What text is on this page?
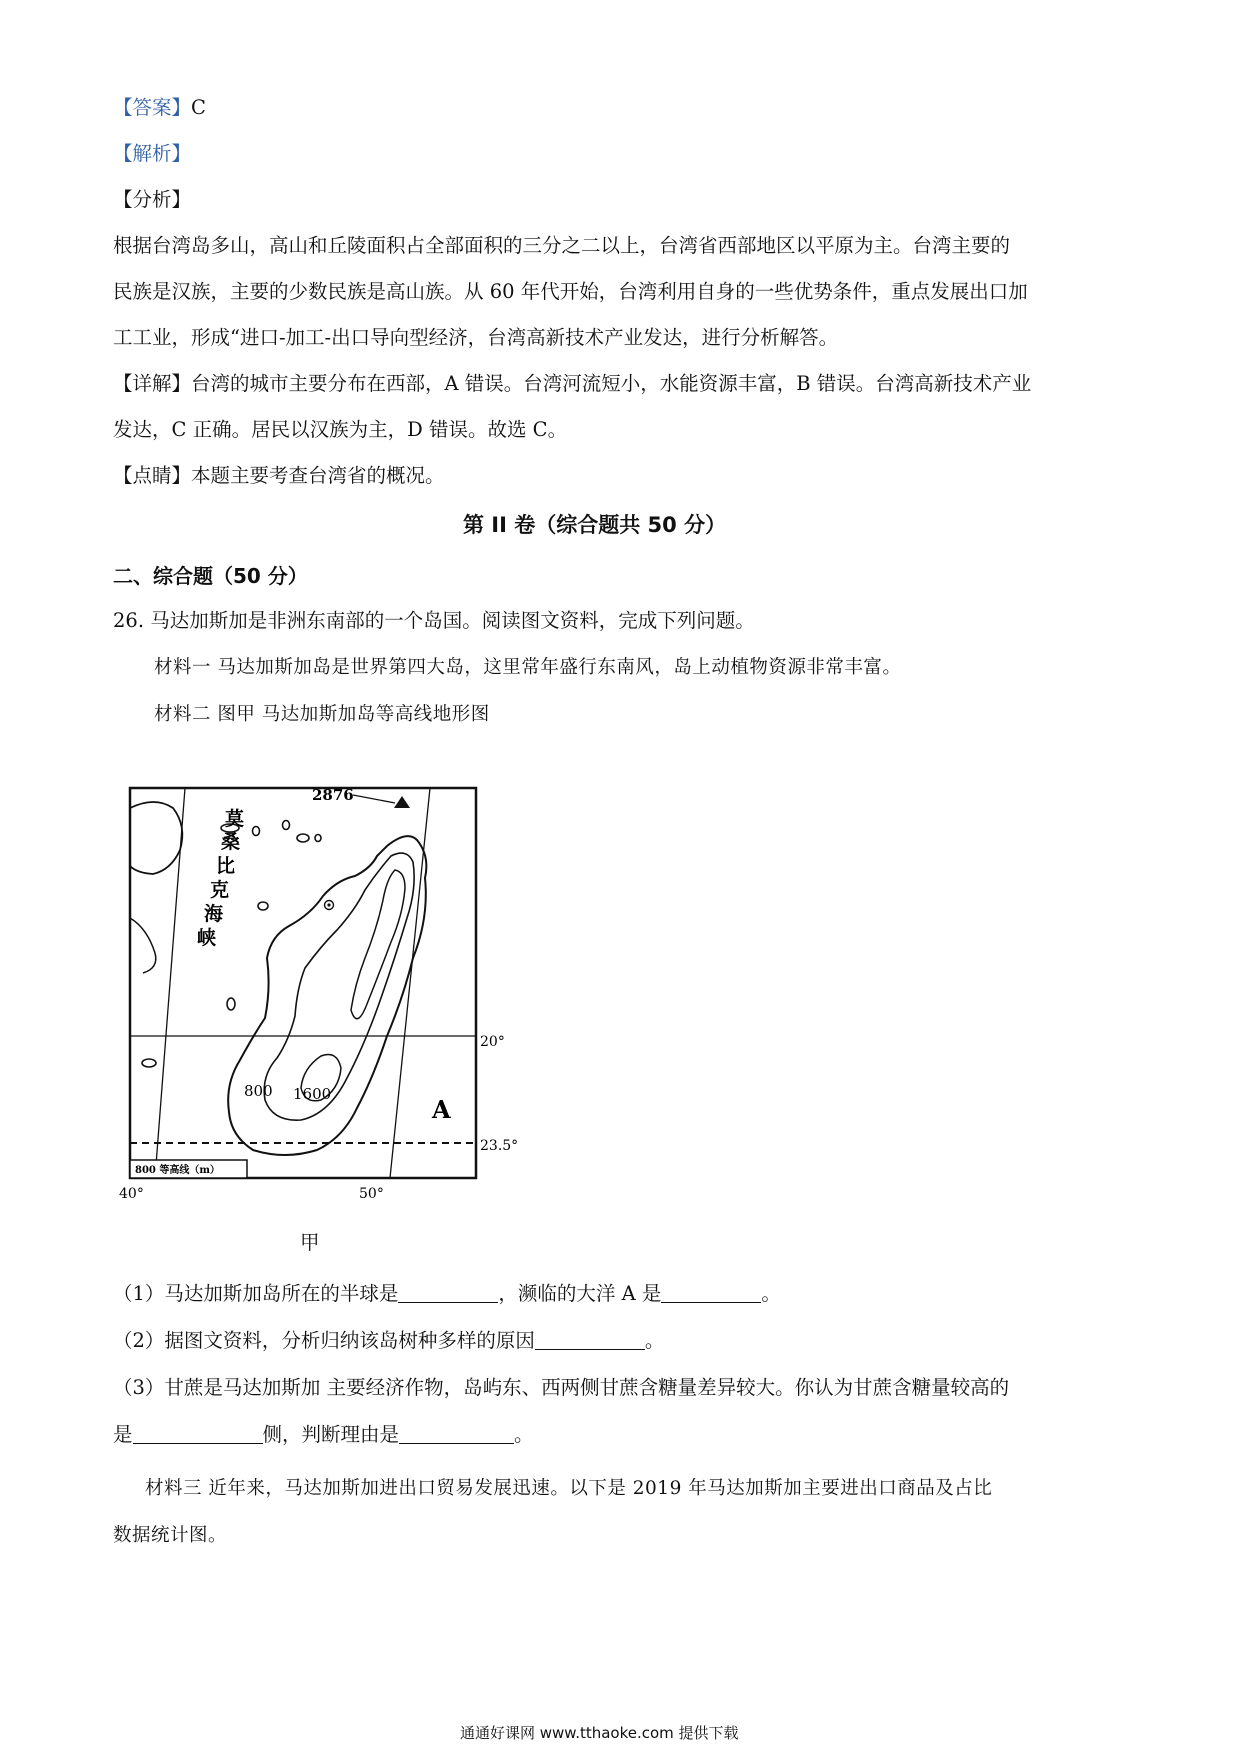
【答案】C
【解析】
【分析】
根据台湾岛多山，高山和丘陵面积占全部面积的三分之二以上，台湾省西部地区以平原为主。台湾主要的
民族是汉族，主要的少数民族是高山族。从 60 年代开始，台湾利用自身的一些优势条件，重点发展出口加
工工业，形成“进口-加工-出口导向型经济，台湾高新技术产业发达，进行分析解答。
【详解】台湾的城市主要分布在西部，A 错误。台湾河流短小，水能资源丰富，B 错误。台湾高新技术产业
发达，C 正确。居民以汉族为主，D 错误。故选 C。
【点睛】本题主要考查台湾省的概况。
第 II 卷（综合题共 50 分）
二、综合题（50 分）
26. 马达加斯加是非洲东南部的一个岛国。阅读图文资料，完成下列问题。
材料一 马达加斯加岛是世界第四大岛，这里常年盛行东南风，岛上动植物资源非常丰富。
材料二 图甲 马达加斯加岛等高线地形图
2876
莫
桑
比
克
海
峡
800 1600
A
20°
23.5°
40°	50°
800 等高线（m）
甲
（1）马达加斯加岛所在的半球是	，濒临的大洋 A 是	。
（2）据图文资料，分析归纳该岛树种多样的原因	。
（3）甘蔗是马达加斯加 主要经济作物，岛屿东、西两侧甘蔗含糖量差异较大。你认为甘蔗含糖量较高的
是	侧，判断理由是	。
材料三 近年来，马达加斯加进出口贸易发展迅速。以下是 2019 年马达加斯加主要进出口商品及占比
数据统计图。
通通好课网 www.tthaoke.com 提供下载
